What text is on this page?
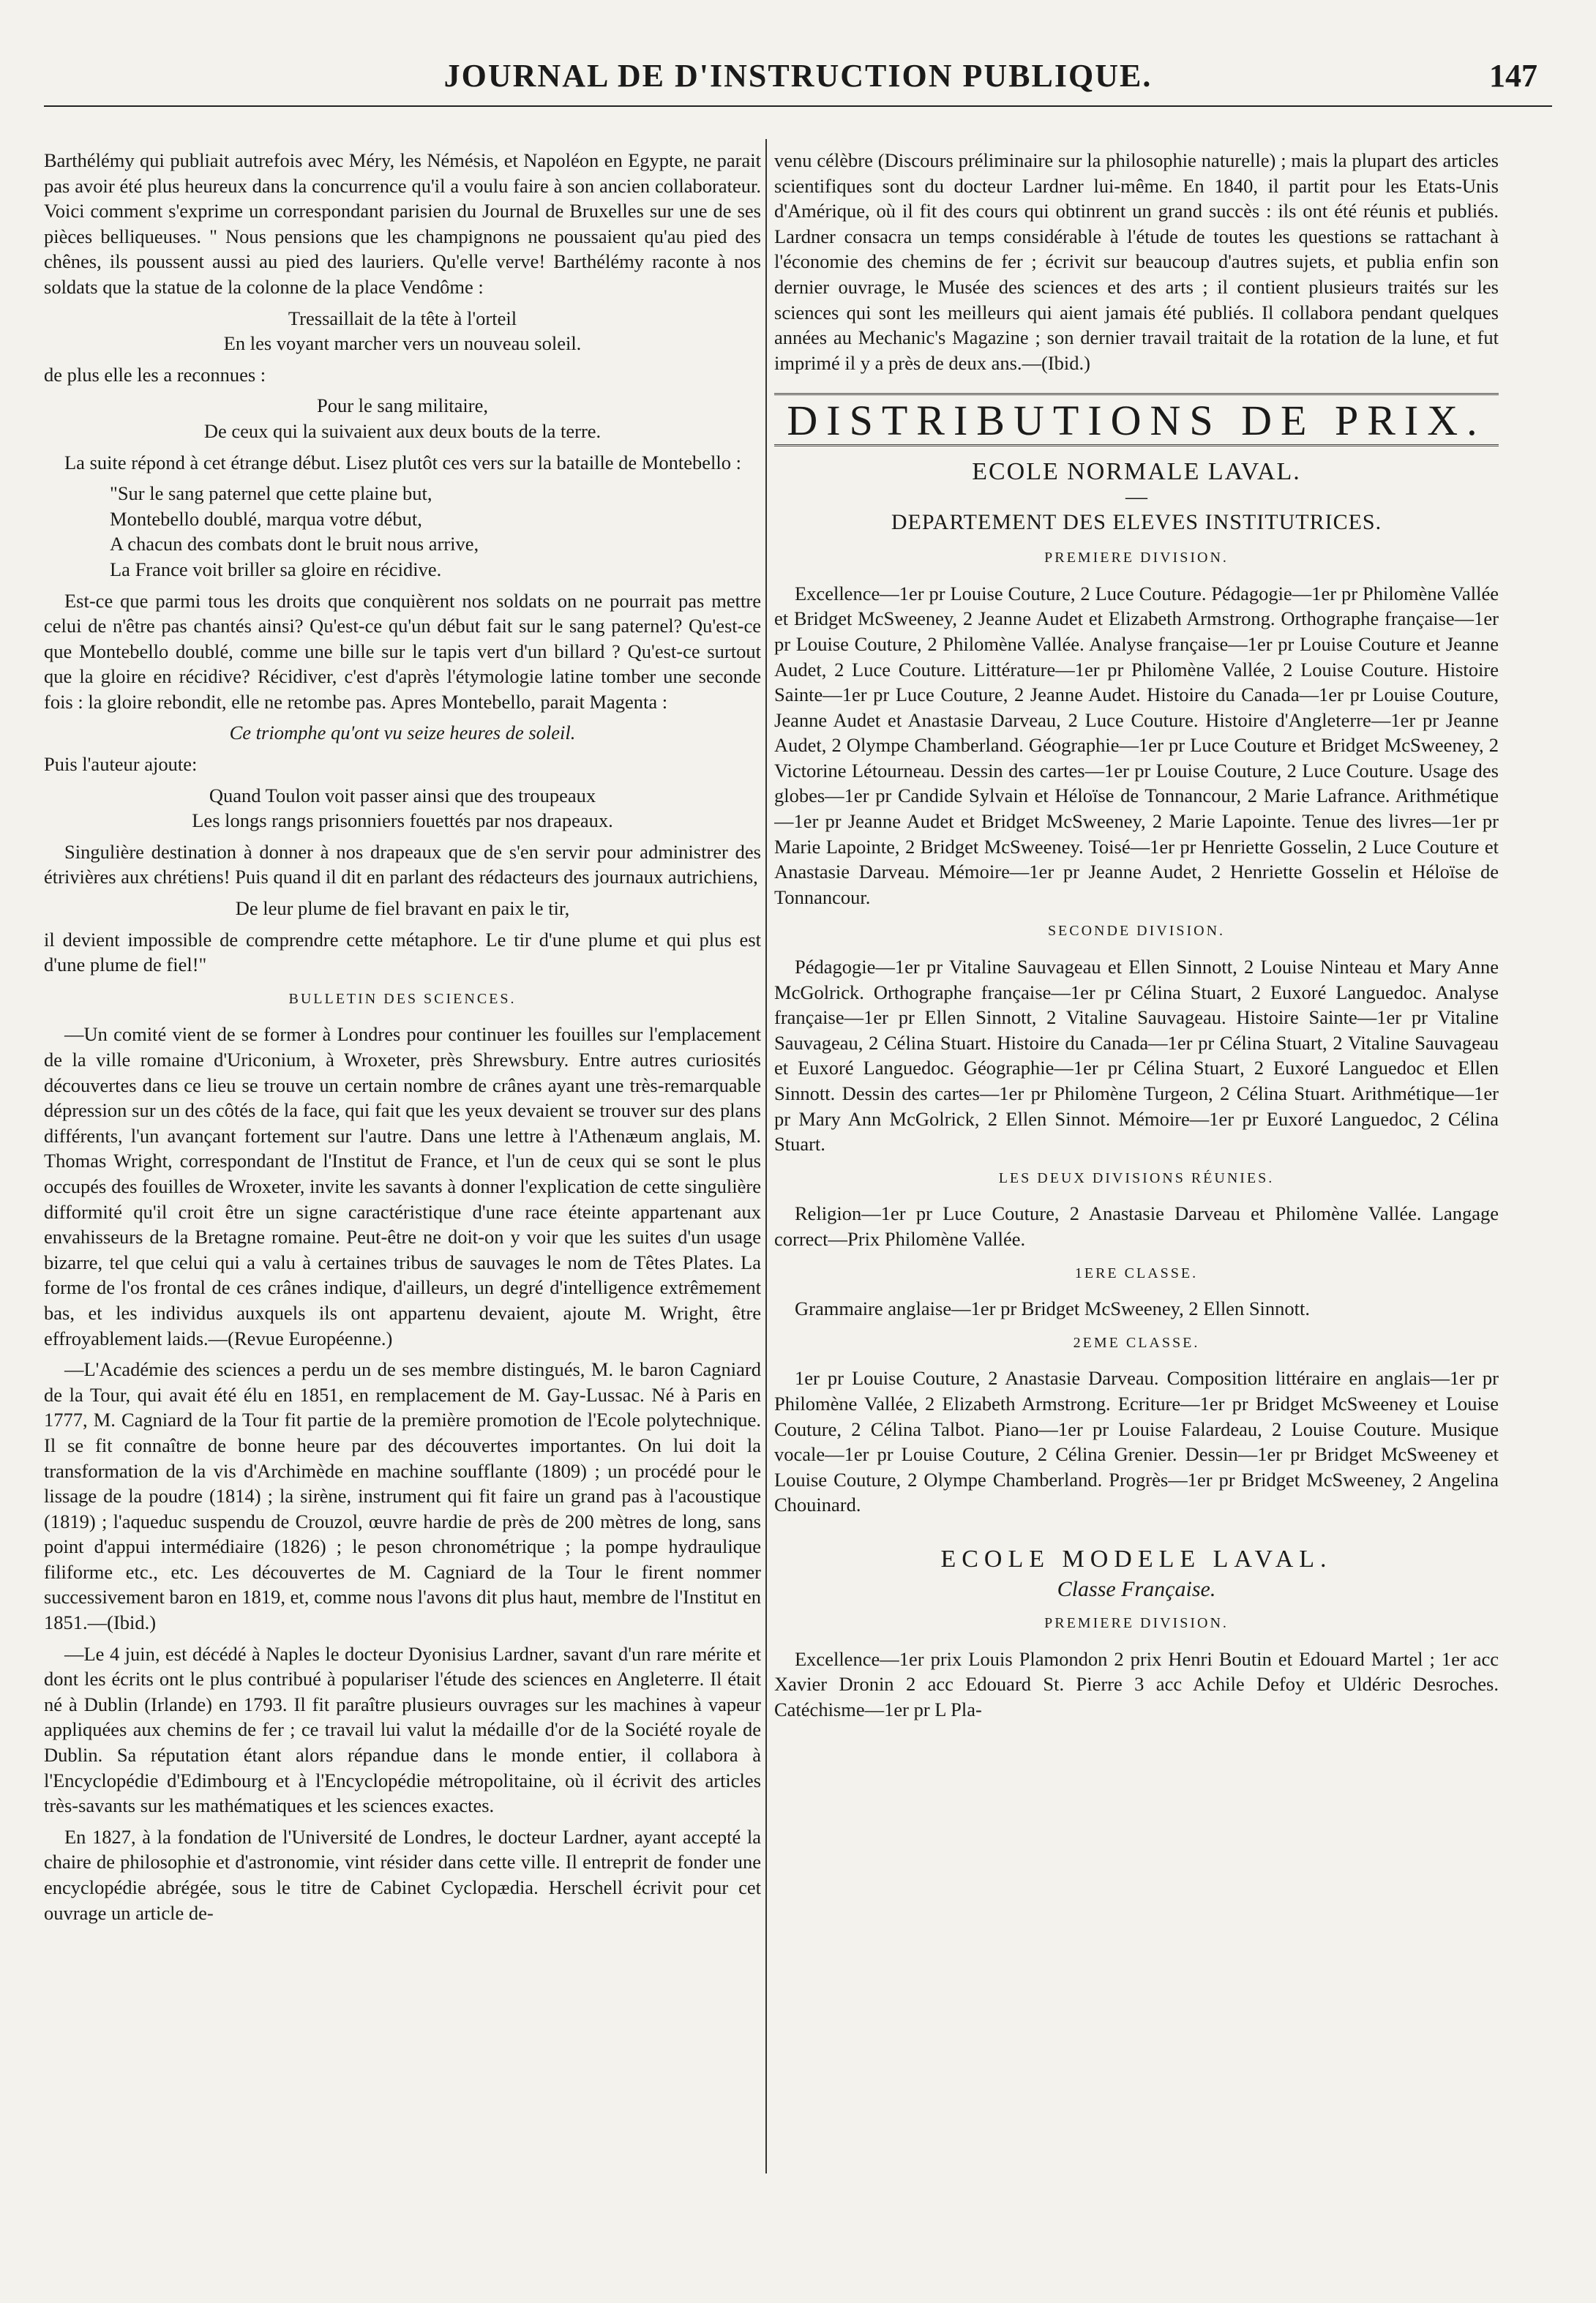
JOURNAL DE D'INSTRUCTION PUBLIQUE.	147

Barthélémy qui publiait autrefois avec Méry, les Némésis, et Napoléon en Egypte, ne parait pas avoir été plus heureux dans la concurrence qu'il a voulu faire à son ancien collaborateur. Voici comment s'exprime un correspondant parisien du Journal de Bruxelles sur une de ses pièces belliqueuses. " Nous pensions que les champignons ne poussaient qu'au pied des chênes, ils poussent aussi au pied des lauriers. Qu'elle verve! Barthélémy raconte à nos soldats que la statue de la colonne de la place Vendôme :

Tressaillait de la tête à l'orteil
En les voyant marcher vers un nouveau soleil.

de plus elle les a reconnues :

Pour le sang militaire,
De ceux qui la suivaient aux deux bouts de la terre.

La suite répond à cet étrange début. Lisez plutôt ces vers sur la bataille de Montebello :

"Sur le sang paternel que cette plaine but,
Montebello doublé, marqua votre début,
A chacun des combats dont le bruit nous arrive,
La France voit briller sa gloire en récidive.

Est-ce que parmi tous les droits que conquièrent nos soldats on ne pourrait pas mettre celui de n'être pas chantés ainsi? Qu'est-ce qu'un début fait sur le sang paternel? Qu'est-ce que Montebello doublé, comme une bille sur le tapis vert d'un billard ? Qu'est-ce surtout que la gloire en récidive? Récidiver, c'est d'après l'étymologie latine tomber une seconde fois : la gloire rebondit, elle ne retombe pas. Apres Montebello, parait Magenta :

Ce triomphe qu'ont vu seize heures de soleil.

Puis l'auteur ajoute:

Quand Toulon voit passer ainsi que des troupeaux
Les longs rangs prisonniers fouettés par nos drapeaux.

Singulière destination à donner à nos drapeaux que de s'en servir pour administrer des étrivières aux chrétiens! Puis quand il dit en parlant des rédacteurs des journaux autrichiens,

De leur plume de fiel bravant en paix le tir,

il devient impossible de comprendre cette métaphore. Le tir d'une plume et qui plus est d'une plume de fiel!"

BULLETIN DES SCIENCES.

—Un comité vient de se former à Londres pour continuer les fouilles sur l'emplacement de la ville romaine d'Uriconium, à Wroxeter, près Shrewsbury. Entre autres curiosités découvertes dans ce lieu se trouve un certain nombre de crânes ayant une très-remarquable dépression sur un des côtés de la face, qui fait que les yeux devaient se trouver sur des plans différents, l'un avançant fortement sur l'autre. Dans une lettre à l'Athenæum anglais, M. Thomas Wright, correspondant de l'Institut de France, et l'un de ceux qui se sont le plus occupés des fouilles de Wroxeter, invite les savants à donner l'explication de cette singulière difformité qu'il croit être un signe caractéristique d'une race éteinte appartenant aux envahisseurs de la Bretagne romaine. Peut-être ne doit-on y voir que les suites d'un usage bizarre, tel que celui qui a valu à certaines tribus de sauvages le nom de Têtes Plates. La forme de l'os frontal de ces crânes indique, d'ailleurs, un degré d'intelligence extrêmement bas, et les individus auxquels ils ont appartenu devaient, ajoute M. Wright, être effroyablement laids.—(Revue Européenne.)

—L'Académie des sciences a perdu un de ses membre distingués, M. le baron Cagniard de la Tour, qui avait été élu en 1851, en remplacement de M. Gay-Lussac. Né à Paris en 1777, M. Cagniard de la Tour fit partie de la première promotion de l'Ecole polytechnique. Il se fit connaître de bonne heure par des découvertes importantes. On lui doit la transformation de la vis d'Archimède en machine soufflante (1809) ; un procédé pour le lissage de la poudre (1814) ; la sirène, instrument qui fit faire un grand pas à l'acoustique (1819) ; l'aqueduc suspendu de Crouzol, œuvre hardie de près de 200 mètres de long, sans point d'appui intermédiaire (1826) ; le peson chronométrique ; la pompe hydraulique filiforme etc., etc. Les découvertes de M. Cagniard de la Tour le firent nommer successivement baron en 1819, et, comme nous l'avons dit plus haut, membre de l'Institut en 1851.—(Ibid.)

—Le 4 juin, est décédé à Naples le docteur Dyonisius Lardner, savant d'un rare mérite et dont les écrits ont le plus contribué à populariser l'étude des sciences en Angleterre. Il était né à Dublin (Irlande) en 1793. Il fit paraître plusieurs ouvrages sur les machines à vapeur appliquées aux chemins de fer ; ce travail lui valut la médaille d'or de la Société royale de Dublin. Sa réputation étant alors répandue dans le monde entier, il collabora à l'Encyclopédie d'Edimbourg et à l'Encyclopédie métropolitaine, où il écrivit des articles très-savants sur les mathématiques et les sciences exactes.

En 1827, à la fondation de l'Université de Londres, le docteur Lardner, ayant accepté la chaire de philosophie et d'astronomie, vint résider dans cette ville. Il entreprit de fonder une encyclopédie abrégée, sous le titre de Cabinet Cyclopædia. Herschell écrivit pour cet ouvrage un article de-

venu célèbre (Discours préliminaire sur la philosophie naturelle) ; mais la plupart des articles scientifiques sont du docteur Lardner lui-même. En 1840, il partit pour les Etats-Unis d'Amérique, où il fit des cours qui obtinrent un grand succès : ils ont été réunis et publiés. Lardner consacra un temps considérable à l'étude de toutes les questions se rattachant à l'économie des chemins de fer ; écrivit sur beaucoup d'autres sujets, et publia enfin son dernier ouvrage, le Musée des sciences et des arts ; il contient plusieurs traités sur les sciences qui sont les meilleurs qui aient jamais été publiés. Il collabora pendant quelques années au Mechanic's Magazine ; son dernier travail traitait de la rotation de la lune, et fut imprimé il y a près de deux ans.—(Ibid.)

DISTRIBUTIONS DE PRIX.
ECOLE NORMALE LAVAL.
—
DEPARTEMENT DES ELEVES INSTITUTRICES.
PREMIERE DIVISION.

Excellence—1er pr Louise Couture, 2 Luce Couture. Pédagogie—1er pr Philomène Vallée et Bridget McSweeney, 2 Jeanne Audet et Elizabeth Armstrong. Orthographe française—1er pr Louise Couture, 2 Philomène Vallée. Analyse française—1er pr Louise Couture et Jeanne Audet, 2 Luce Couture. Littérature—1er pr Philomène Vallée, 2 Louise Couture. Histoire Sainte—1er pr Luce Couture, 2 Jeanne Audet. Histoire du Canada—1er pr Louise Couture, Jeanne Audet et Anastasie Darveau, 2 Luce Couture. Histoire d'Angleterre—1er pr Jeanne Audet, 2 Olympe Chamberland. Géographie—1er pr Luce Couture et Bridget McSweeney, 2 Victorine Létourneau. Dessin des cartes—1er pr Louise Couture, 2 Luce Couture. Usage des globes—1er pr Candide Sylvain et Héloïse de Tonnancour, 2 Marie Lafrance. Arithmétique—1er pr Jeanne Audet et Bridget McSweeney, 2 Marie Lapointe. Tenue des livres—1er pr Marie Lapointe, 2 Bridget McSweeney. Toisé—1er pr Henriette Gosselin, 2 Luce Couture et Anastasie Darveau. Mémoire—1er pr Jeanne Audet, 2 Henriette Gosselin et Héloïse de Tonnancour.

SECONDE DIVISION.

Pédagogie—1er pr Vitaline Sauvageau et Ellen Sinnott, 2 Louise Ninteau et Mary Anne McGolrick. Orthographe française—1er pr Célina Stuart, 2 Euxoré Languedoc. Analyse française—1er pr Ellen Sinnott, 2 Vitaline Sauvageau. Histoire Sainte—1er pr Vitaline Sauvageau, 2 Célina Stuart. Histoire du Canada—1er pr Célina Stuart, 2 Vitaline Sauvageau et Euxoré Languedoc. Géographie—1er pr Célina Stuart, 2 Euxoré Languedoc et Ellen Sinnott. Dessin des cartes—1er pr Philomène Turgeon, 2 Célina Stuart. Arithmétique—1er pr Mary Ann McGolrick, 2 Ellen Sinnot. Mémoire—1er pr Euxoré Languedoc, 2 Célina Stuart.

LES DEUX DIVISIONS RÉUNIES.

Religion—1er pr Luce Couture, 2 Anastasie Darveau et Philomène Vallée. Langage correct—Prix Philomène Vallée.

1ERE CLASSE.

Grammaire anglaise—1er pr Bridget McSweeney, 2 Ellen Sinnott.

2EME CLASSE.

1er pr Louise Couture, 2 Anastasie Darveau. Composition littéraire en anglais—1er pr Philomène Vallée, 2 Elizabeth Armstrong. Ecriture—1er pr Bridget McSweeney et Louise Couture, 2 Célina Talbot. Piano—1er pr Louise Falardeau, 2 Louise Couture. Musique vocale—1er pr Louise Couture, 2 Célina Grenier. Dessin—1er pr Bridget McSweeney et Louise Couture, 2 Olympe Chamberland. Progrès—1er pr Bridget McSweeney, 2 Angelina Chouinard.

ECOLE MODELE LAVAL.
Classe Française.
PREMIERE DIVISION.

Excellence—1er prix Louis Plamondon 2 prix Henri Boutin et Edouard Martel ; 1er acc Xavier Dronin 2 acc Edouard St. Pierre 3 acc Achile Defoy et Uldéric Desroches. Catéchisme—1er pr L Pla-
